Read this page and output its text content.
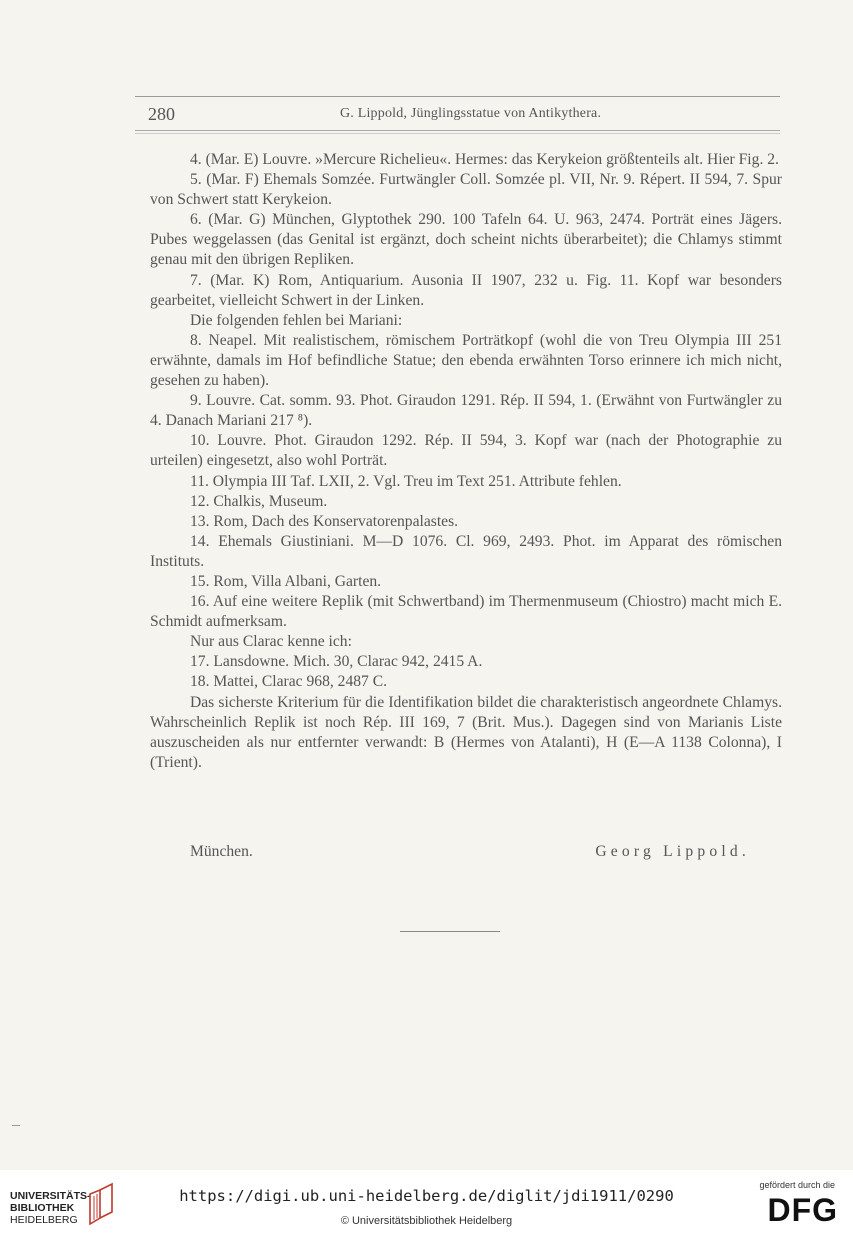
280	G. Lippold, Jünglingsstatue von Antikythera.

4. (Mar. E) Louvre. »Mercure Richelieu«. Hermes: das Kerykeion größtenteils alt. Hier Fig. 2.

5. (Mar. F) Ehemals Somzée. Furtwängler Coll. Somzée pl. VII, Nr. 9. Répert. II 594, 7. Spur von Schwert statt Kerykeion.

6. (Mar. G) München, Glyptothek 290. 100 Tafeln 64. U. 963, 2474. Porträt eines Jägers. Pubes weggelassen (das Genital ist ergänzt, doch scheint nichts überarbeitet); die Chlamys stimmt genau mit den übrigen Repliken.

7. (Mar. K) Rom, Antiquarium. Ausonia II 1907, 232 u. Fig. 11. Kopf war besonders gearbeitet, vielleicht Schwert in der Linken.

Die folgenden fehlen bei Mariani:

8. Neapel. Mit realistischem, römischem Porträtkopf (wohl die von Treu Olympia III 251 erwähnte, damals im Hof befindliche Statue; den ebenda erwähnten Torso erinnere ich mich nicht, gesehen zu haben).

9. Louvre. Cat. somm. 93. Phot. Giraudon 1291. Rép. II 594, 1. (Erwähnt von Furtwängler zu 4. Danach Mariani 217 ⁸).

10. Louvre. Phot. Giraudon 1292. Rép. II 594, 3. Kopf war (nach der Photographie zu urteilen) eingesetzt, also wohl Porträt.

11. Olympia III Taf. LXII, 2. Vgl. Treu im Text 251. Attribute fehlen.

12. Chalkis, Museum.

13. Rom, Dach des Konservatorenpalastes.

14. Ehemals Giustiniani. M—D 1076. Cl. 969, 2493. Phot. im Apparat des römischen Instituts.

15. Rom, Villa Albani, Garten.

16. Auf eine weitere Replik (mit Schwertband) im Thermenmuseum (Chiostro) macht mich E. Schmidt aufmerksam.

Nur aus Clarac kenne ich:

17. Lansdowne. Mich. 30, Clarac 942, 2415 A.

18. Mattei, Clarac 968, 2487 C.

Das sicherste Kriterium für die Identifikation bildet die charakteristisch angeordnete Chlamys. Wahrscheinlich Replik ist noch Rép. III 169, 7 (Brit. Mus.). Dagegen sind von Marianis Liste auszuscheiden als nur entfernter verwandt: B (Hermes von Atalanti), H (E—A 1138 Colonna), I (Trient).

München.	Georg Lippold.
UNIVERSITÄTS-
BIBLIOTHEK
HEIDELBERG
https://digi.ub.uni-heidelberg.de/diglit/jdi1911/0290
© Universitätsbibliothek Heidelberg
gefördert durch die
DFG
